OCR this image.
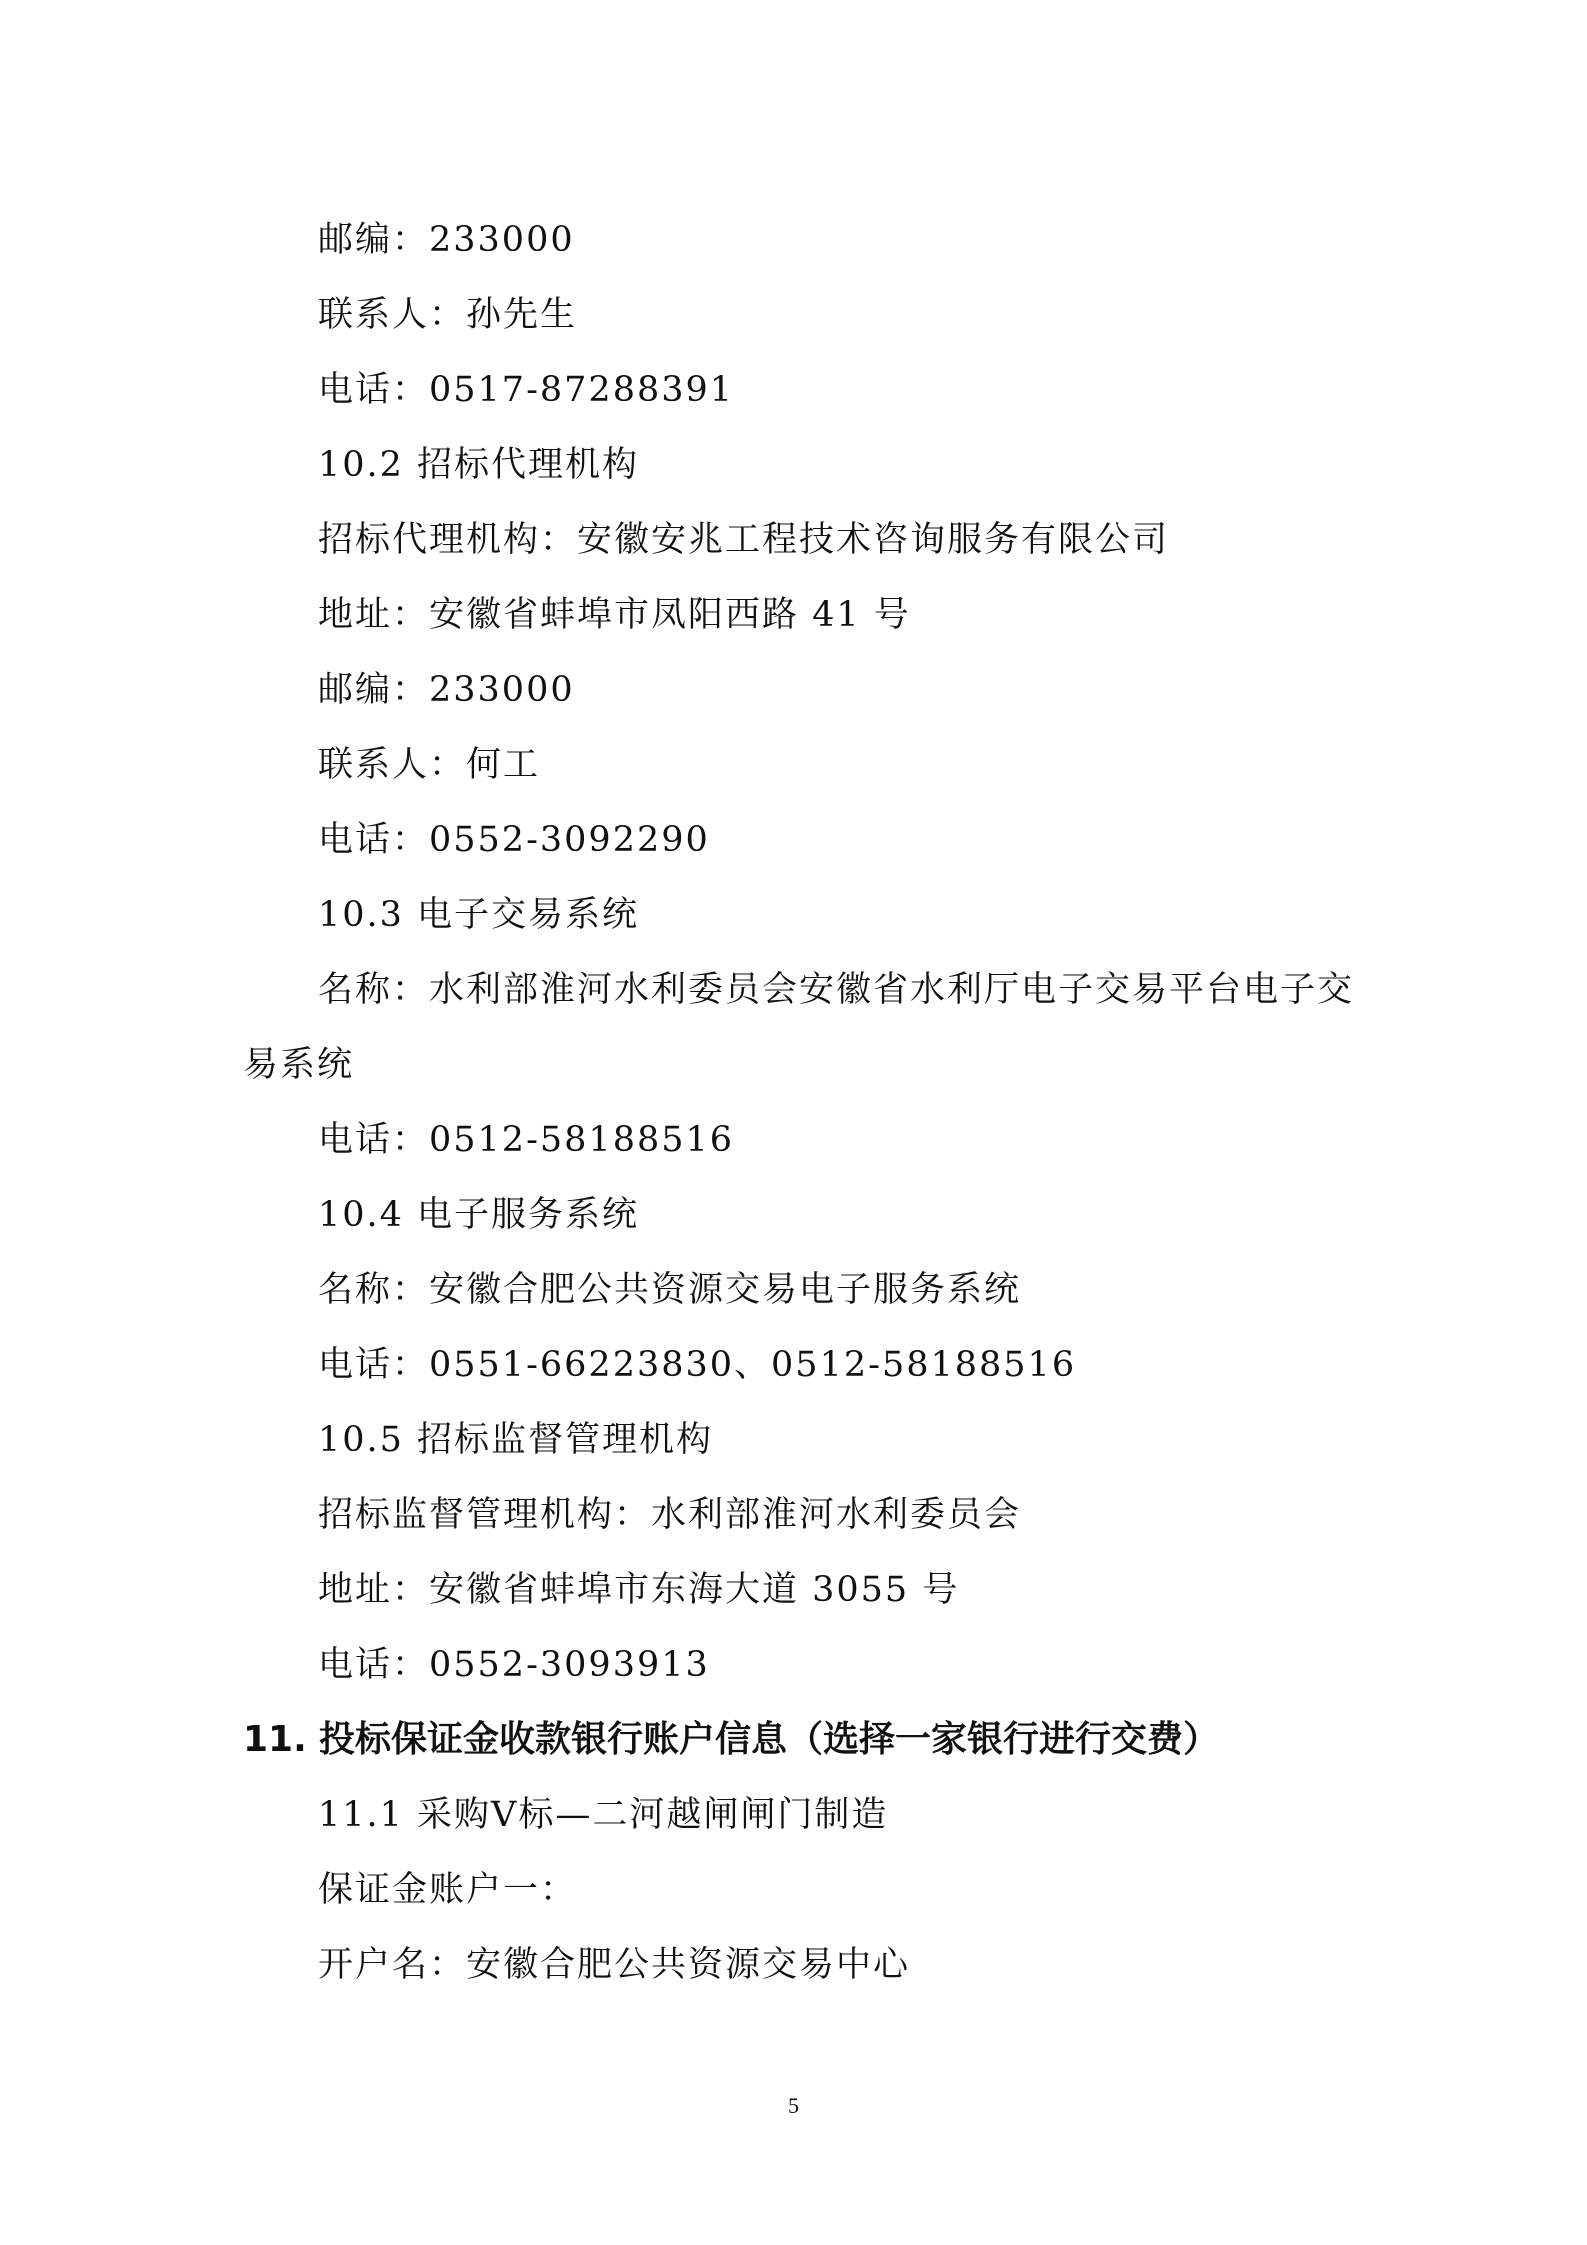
邮编：233000
联系人：孙先生
电话：0517-87288391
10.2 招标代理机构
招标代理机构：安徽安兆工程技术咨询服务有限公司
地址：安徽省蚌埠市凤阳西路 41 号
邮编：233000
联系人：何工
电话：0552-3092290
10.3 电子交易系统
名称：水利部淮河水利委员会安徽省水利厅电子交易平台电子交
易系统
电话：0512-58188516
10.4 电子服务系统
名称：安徽合肥公共资源交易电子服务系统
电话：0551-66223830、0512-58188516
10.5 招标监督管理机构
招标监督管理机构：水利部淮河水利委员会
地址：安徽省蚌埠市东海大道 3055 号
电话：0552-3093913
11. 投标保证金收款银行账户信息（选择一家银行进行交费）
11.1 采购Ⅴ标—二河越闸闸门制造
保证金账户一：
开户名：安徽合肥公共资源交易中心
5
